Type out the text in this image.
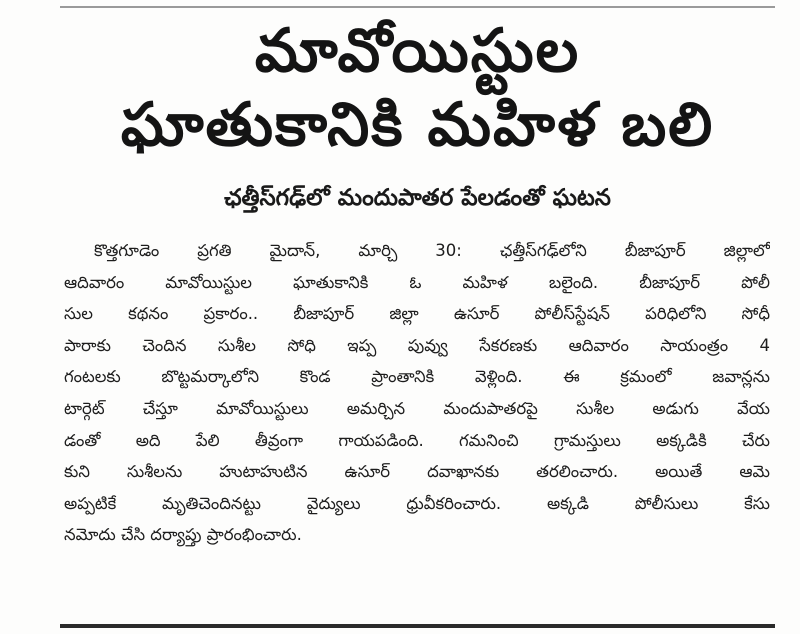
మావోయిస్టుల
ఘాతుకానికి మహిళ బలి
ఛత్తీస్‌గఢ్‌లో మందుపాతర పేలడంతో ఘటన

కొత్తగూడెం ప్రగతి మైదాన్, మార్చి 30: ఛత్తీస్‌గఢ్‌లోని బీజాపూర్ జిల్లాలో
ఆదివారం మావోయిస్టుల ఘాతుకానికి ఓ మహిళ బలైంది. బీజాపూర్ పోలీ
సుల కథనం ప్రకారం.. బీజాపూర్ జిల్లా ఉసూర్ పోలీస్‌స్టేషన్ పరిధిలోని సోధీ
పారాకు చెందిన సుశీల సోధి ఇప్ప పువ్వు సేకరణకు ఆదివారం సాయంత్రం 4
గంటలకు బొట్టమర్కాలోని కొండ ప్రాంతానికి వెళ్లింది. ఈ క్రమంలో జవాన్లను
టార్గెట్ చేస్తూ మావోయిస్టులు అమర్చిన మందుపాతరపై సుశీల అడుగు వేయ
డంతో అది పేలి తీవ్రంగా గాయపడింది. గమనించి గ్రామస్తులు అక్కడికి చేరు
కుని సుశీలను హుటాహుటిన ఉసూర్ దవాఖానకు తరలించారు. అయితే ఆమె
అప్పటికే మృతిచెందినట్టు వైద్యులు ధ్రువీకరించారు. అక్కడి పోలీసులు కేసు
నమోదు చేసి దర్యాప్తు ప్రారంభించారు.
